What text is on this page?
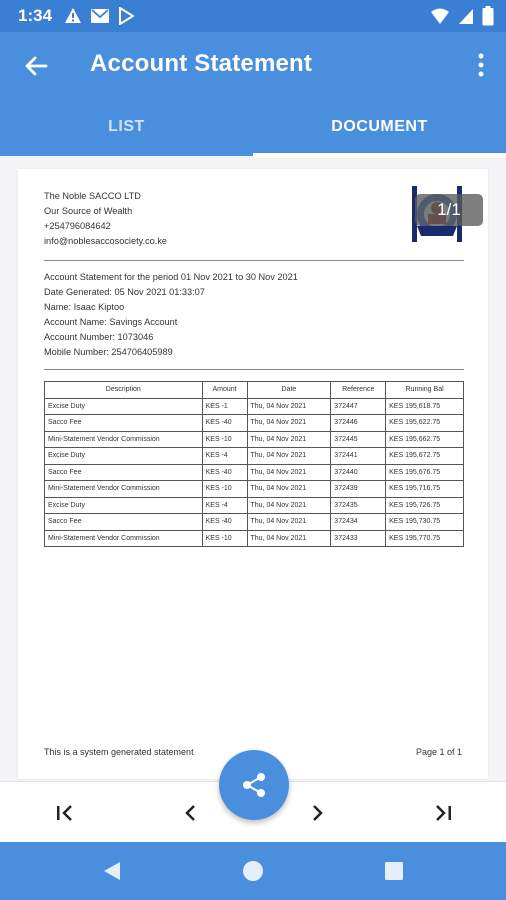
1:34
Account Statement
LIST	DOCUMENT
The Noble SACCO LTD
Our Source of Wealth
+254796084642
info@noblesaccosociety.co.ke
1/1
Account Statement for the period 01 Nov 2021 to 30 Nov 2021
Date Generated: 05 Nov 2021 01:33:07
Name: Isaac Kiptoo
Account Name: Savings Account
Account Number: 1073046
Mobile Number: 254706405989
Description	Amount	Date	Reference	Running Bal
Excise Duty	KES -1	Thu, 04 Nov 2021	372447	KES 195,618.75
Sacco Fee	KES -40	Thu, 04 Nov 2021	372446	KES 195,622.75
Mini-Statement Vendor Commission	KES -10	Thu, 04 Nov 2021	372445	KES 195,662.75
Excise Duty	KES -4	Thu, 04 Nov 2021	372441	KES 195,672.75
Sacco Fee	KES -40	Thu, 04 Nov 2021	372440	KES 195,676.75
Mini-Statement Vendor Commission	KES -10	Thu, 04 Nov 2021	372439	KES 195,716.75
Excise Duty	KES -4	Thu, 04 Nov 2021	372435	KES 195,726.75
Sacco Fee	KES -40	Thu, 04 Nov 2021	372434	KES 195,730.75
Mini-Statement Vendor Commission	KES -10	Thu, 04 Nov 2021	372433	KES 195,770.75
This is a system generated statement	Page 1 of 1
